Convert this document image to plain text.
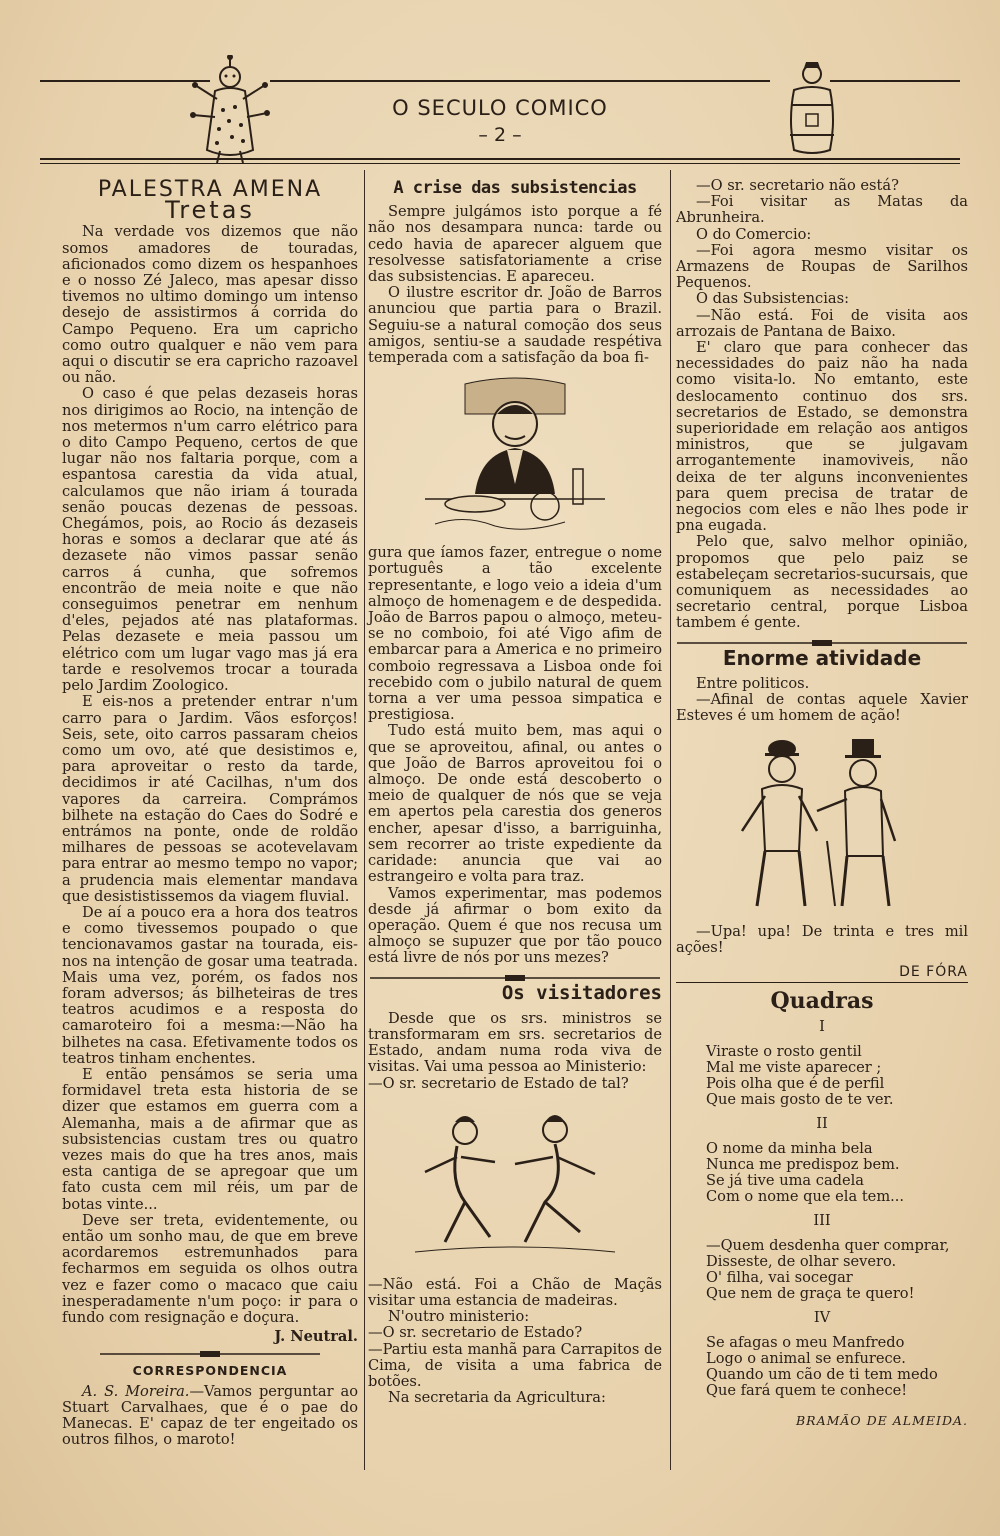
O SECULO COMICO
– 2 –
PALESTRA AMENA
Tretas

Na verdade vos dizemos que não somos amadores de touradas, aficionados como dizem os hespanhoes e o nosso Zé Jaleco, mas apesar disso tivemos no ultimo domingo um intenso desejo de assistirmos á corrida do Campo Pequeno. Era um capricho como outro qualquer e não vem para aqui o discutir se era capricho razoavel ou não.

O caso é que pelas dezaseis horas nos dirigimos ao Rocio, na intenção de nos metermos n'um carro elétrico para o dito Campo Pequeno, certos de que lugar não nos faltaria porque, com a espantosa carestia da vida atual, calculamos que não iriam á tourada senão poucas dezenas de pessoas. Chegámos, pois, ao Rocio ás dezaseis horas e somos a declarar que até ás dezasete não vimos passar senão carros á cunha, que sofremos encontrão de meia noite e que não conseguimos penetrar em nenhum d'eles, pejados até nas plataformas. Pelas dezasete e meia passou um elétrico com um lugar vago mas já era tarde e resolvemos trocar a tourada pelo Jardim Zoologico.

E eis-nos a pretender entrar n'um carro para o Jardim. Vãos esforços! Seis, sete, oito carros passaram cheios como um ovo, até que desistimos e, para aproveitar o resto da tarde, decidimos ir até Cacilhas, n'um dos vapores da carreira. Comprámos bilhete na estação do Caes do Sodré e entrámos na ponte, onde de roldão milhares de pessoas se acotevelavam para entrar ao mesmo tempo no vapor; a prudencia mais elementar mandava que desististissemos da viagem fluvial.

De aí a pouco era a hora dos teatros e como tivessemos poupado o que tencionavamos gastar na tourada, eis-nos na intenção de gosar uma teatrada. Mais uma vez, porém, os fados nos foram adversos; ás bilheteiras de tres teatros acudimos e a resposta do camaroteiro foi a mesma:—Não ha bilhetes na casa. Efetivamente todos os teatros tinham enchentes.

E então pensámos se seria uma formidavel treta esta historia de se dizer que estamos em guerra com a Alemanha, mais a de afirmar que as subsistencias custam tres ou quatro vezes mais do que ha tres anos, mais esta cantiga de se apregoar que um fato custa cem mil réis, um par de botas vinte...

Deve ser treta, evidentemente, ou então um sonho mau, de que em breve acordaremos estremunhados para fecharmos em seguida os olhos outra vez e fazer como o macaco que caiu inesperadamente n'um poço: ir para o fundo com resignação e doçura.

J. Neutral.
CORRESPONDENCIA

A. S. Moreira.—Vamos perguntar ao Stuart Carvalhaes, que é o pae do Manecas. E' capaz de ter engeitado os outros filhos, o maroto!

A crise das subsistencias

Sempre julgámos isto porque a fé não nos desampara nunca: tarde ou cedo havia de aparecer alguem que resolvesse satisfatoriamente a crise das subsistencias. E apareceu.

O ilustre escritor dr. João de Barros anunciou que partia para o Brazil. Seguiu-se a natural comoção dos seus amigos, sentiu-se a saudade respétiva temperada com a satisfação da boa fi-

gura que íamos fazer, entregue o nome português a tão excelente representante, e logo veio a ideia d'um almoço de homenagem e de despedida. João de Barros papou o almoço, meteu-se no comboio, foi até Vigo afim de embarcar para a America e no primeiro comboio regressava a Lisboa onde foi recebido com o jubilo natural de quem torna a ver uma pessoa simpatica e prestigiosa.

Tudo está muito bem, mas aqui o que se aproveitou, afinal, ou antes o que João de Barros aproveitou foi o almoço. De onde está descoberto o meio de qualquer de nós que se veja em apertos pela carestia dos generos encher, apesar d'isso, a barriguinha, sem recorrer ao triste expediente da caridade: anuncia que vai ao estrangeiro e volta para traz.

Vamos experimentar, mas podemos desde já afirmar o bom exito da operação. Quem é que nos recusa um almoço se supuzer que por tão pouco está livre de nós por uns mezes?

Os visitadores

Desde que os srs. ministros se transformaram em srs. secretarios de Estado, andam numa roda viva de visitas. Vai uma pessoa ao Ministerio:

—O sr. secretario de Estado de tal?

—Não está. Foi a Chão de Maçãs visitar uma estancia de madeiras.

N'outro ministerio:

—O sr. secretario de Estado?

—Partiu esta manhã para Carrapitos de Cima, de visita a uma fabrica de botões.

Na secretaria da Agricultura:

—O sr. secretario não está?

—Foi visitar as Matas da Abrunheira.

O do Comercio:

—Foi agora mesmo visitar os Armazens de Roupas de Sarilhos Pequenos.

O das Subsistencias:

—Não está. Foi de visita aos arrozais de Pantana de Baixo.

E' claro que para conhecer das necessidades do paiz não ha nada como visita-lo. No emtanto, este deslocamento continuo dos srs. secretarios de Estado, se demonstra superioridade em relação aos antigos ministros, que se julgavam arrogantemente inamoviveis, não deixa de ter alguns inconvenientes para quem precisa de tratar de negocios com eles e não lhes pode ir pna eugada.

Pelo que, salvo melhor opinião, propomos que pelo paiz se estabeleçam secretarios-sucursais, que comuniquem as necessidades ao secretario central, porque Lisboa tambem é gente.

Enorme atividade

Entre politicos.

—Afinal de contas aquele Xavier Esteves é um homem de ação!

—Upa! upa! De trinta e tres mil ações!

DE FÓRA
Quadras
I
Viraste o rosto gentil
Mal me viste aparecer ;
Pois olha que é de perfil
Que mais gosto de te ver.
II
O nome da minha bela
Nunca me predispoz bem.
Se já tive uma cadela
Com o nome que ela tem...
III
—Quem desdenha quer comprar,
Disseste, de olhar severo.
O' filha, vai socegar
Que nem de graça te quero!
IV
Se afagas o meu Manfredo
Logo o animal se enfurece.
Quando um cão de ti tem medo
Que fará quem te conhece!
BRAMÃO DE ALMEIDA.
